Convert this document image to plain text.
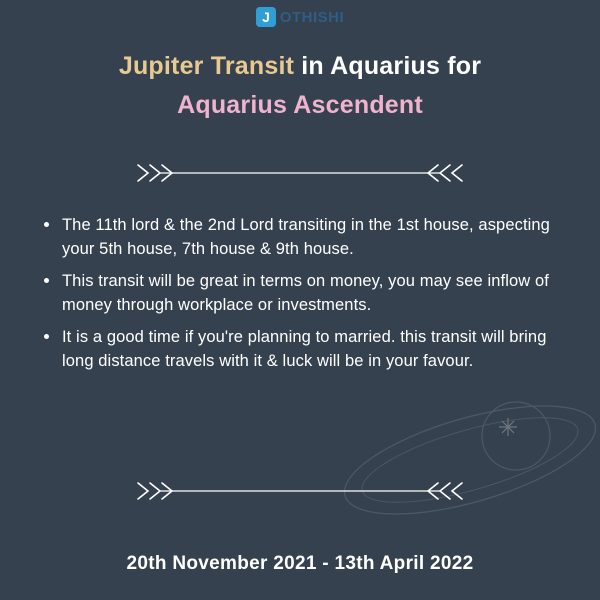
J OTHISHI
Jupiter Transit in Aquarius for
Aquarius Ascendent
The 11th lord & the 2nd Lord transiting in the 1st house, aspecting your 5th house, 7th house & 9th house.
This transit will be great in terms on money, you may see inflow of money through workplace or investments.
It is a good time if you're planning to married. this transit will bring long distance travels with it & luck will be in your favour.
20th November 2021 - 13th April 2022
